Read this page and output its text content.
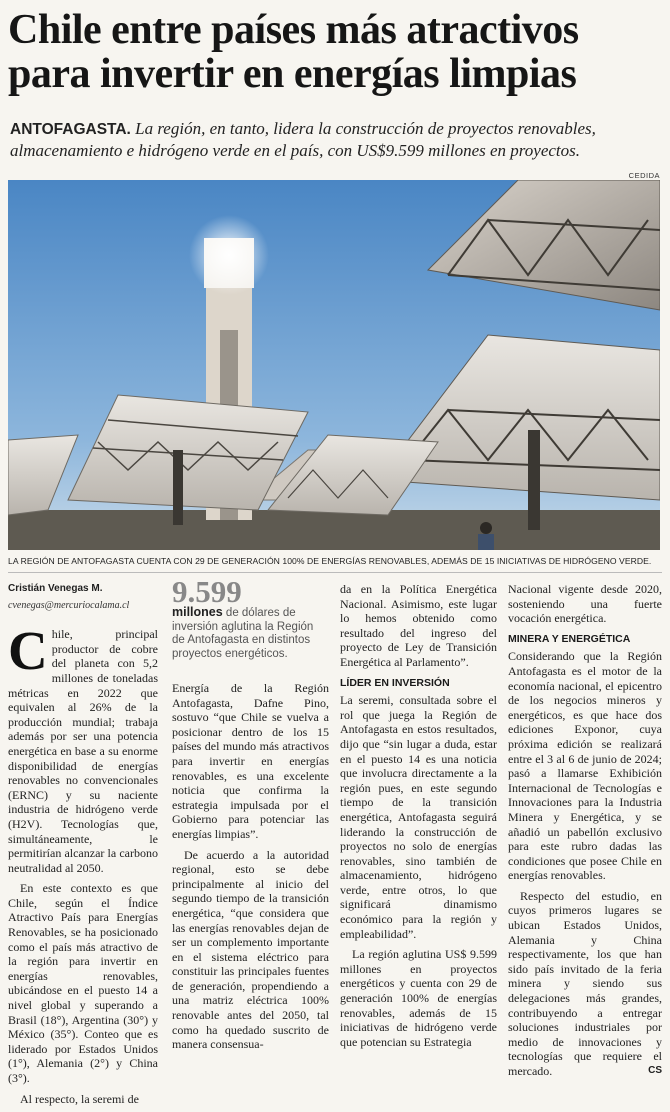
Chile entre países más atractivos
para invertir en energías limpias
ANTOFAGASTA. La región, en tanto, lidera la construcción de proyectos renovables, almacenamiento e hidrógeno verde en el país, con US$9.599 millones en proyectos.
CEDIDA
LA REGIÓN DE ANTOFAGASTA CUENTA CON 29 DE GENERACIÓN 100% DE ENERGÍAS RENOVABLES, ADEMÁS DE 15 INICIATIVAS DE HIDRÓGENO VERDE.
Cristián Venegas M.
cvenegas@mercuriocalama.cl

Chile, principal productor de cobre del planeta con 5,2 millones de toneladas métricas en 2022 que equivalen al 26% de la producción mundial; trabaja además por ser una potencia energética en base a su enorme disponibilidad de energías renovables no convencionales (ERNC) y su naciente industria de hidrógeno verde (H2V). Tecnologías que, simultáneamente, le permitirían alcanzar la carbono neutralidad al 2050.

En este contexto es que Chile, según el Índice Atractivo País para Energías Renovables, se ha posicionado como el país más atractivo de la región para invertir en energías renovables, ubicándose en el puesto 14 a nivel global y superando a Brasil (18°), Argentina (30°) y México (35°). Conteo que es liderado por Estados Unidos (1°), Alemania (2°) y China (3°).

Al respecto, la seremi de

9.599
millones de dólares de inversión aglutina la Región de Antofagasta en distintos proyectos energéticos.

Energía de la Región Antofagasta, Dafne Pino, sostuvo “que Chile se vuelva a posicionar dentro de los 15 países del mundo más atractivos para invertir en energías renovables, es una excelente noticia que confirma la estrategia impulsada por el Gobierno para potenciar las energías limpias”.

De acuerdo a la autoridad regional, esto se debe principalmente al inicio del segundo tiempo de la transición energética, “que considera que las energías renovables dejan de ser un complemento importante en el sistema eléctrico para constituir las principales fuentes de generación, propendiendo a una matriz eléctrica 100% renovable antes del 2050, tal como ha quedado suscrito de manera consensua-

da en la Política Energética Nacional. Asimismo, este lugar lo hemos obtenido como resultado del ingreso del proyecto de Ley de Transición Energética al Parlamento”.

LÍDER EN INVERSIÓN

La seremi, consultada sobre el rol que juega la Región de Antofagasta en estos resultados, dijo que “sin lugar a duda, estar en el puesto 14 es una noticia que involucra directamente a la región pues, en este segundo tiempo de la transición energética, Antofagasta seguirá liderando la construcción de proyectos no solo de energías renovables, sino también de almacenamiento, hidrógeno verde, entre otros, lo que significará dinamismo económico para la región y empleabilidad”.

La región aglutina US$ 9.599 millones en proyectos energéticos y cuenta con 29 de generación 100% de energías renovables, además de 15 iniciativas de hidrógeno verde que potencian su Estrategia

Nacional vigente desde 2020, sosteniendo una fuerte vocación energética.

MINERA Y ENERGÉTICA

Considerando que la Región Antofagasta es el motor de la economía nacional, el epicentro de los negocios mineros y energéticos, es que hace dos ediciones Exponor, cuya próxima edición se realizará entre el 3 al 6 de junio de 2024; pasó a llamarse Exhibición Internacional de Tecnologías e Innovaciones para la Industria Minera y Energética, y se añadió un pabellón exclusivo para este rubro dadas las condiciones que posee Chile en energías renovables.

Respecto del estudio, en cuyos primeros lugares se ubican Estados Unidos, Alemania y China respectivamente, los que han sido país invitado de la feria minera y siendo sus delegaciones más grandes, contribuyendo a entregar soluciones industriales por medio de innovaciones y tecnologías que requiere el mercado.	CS
